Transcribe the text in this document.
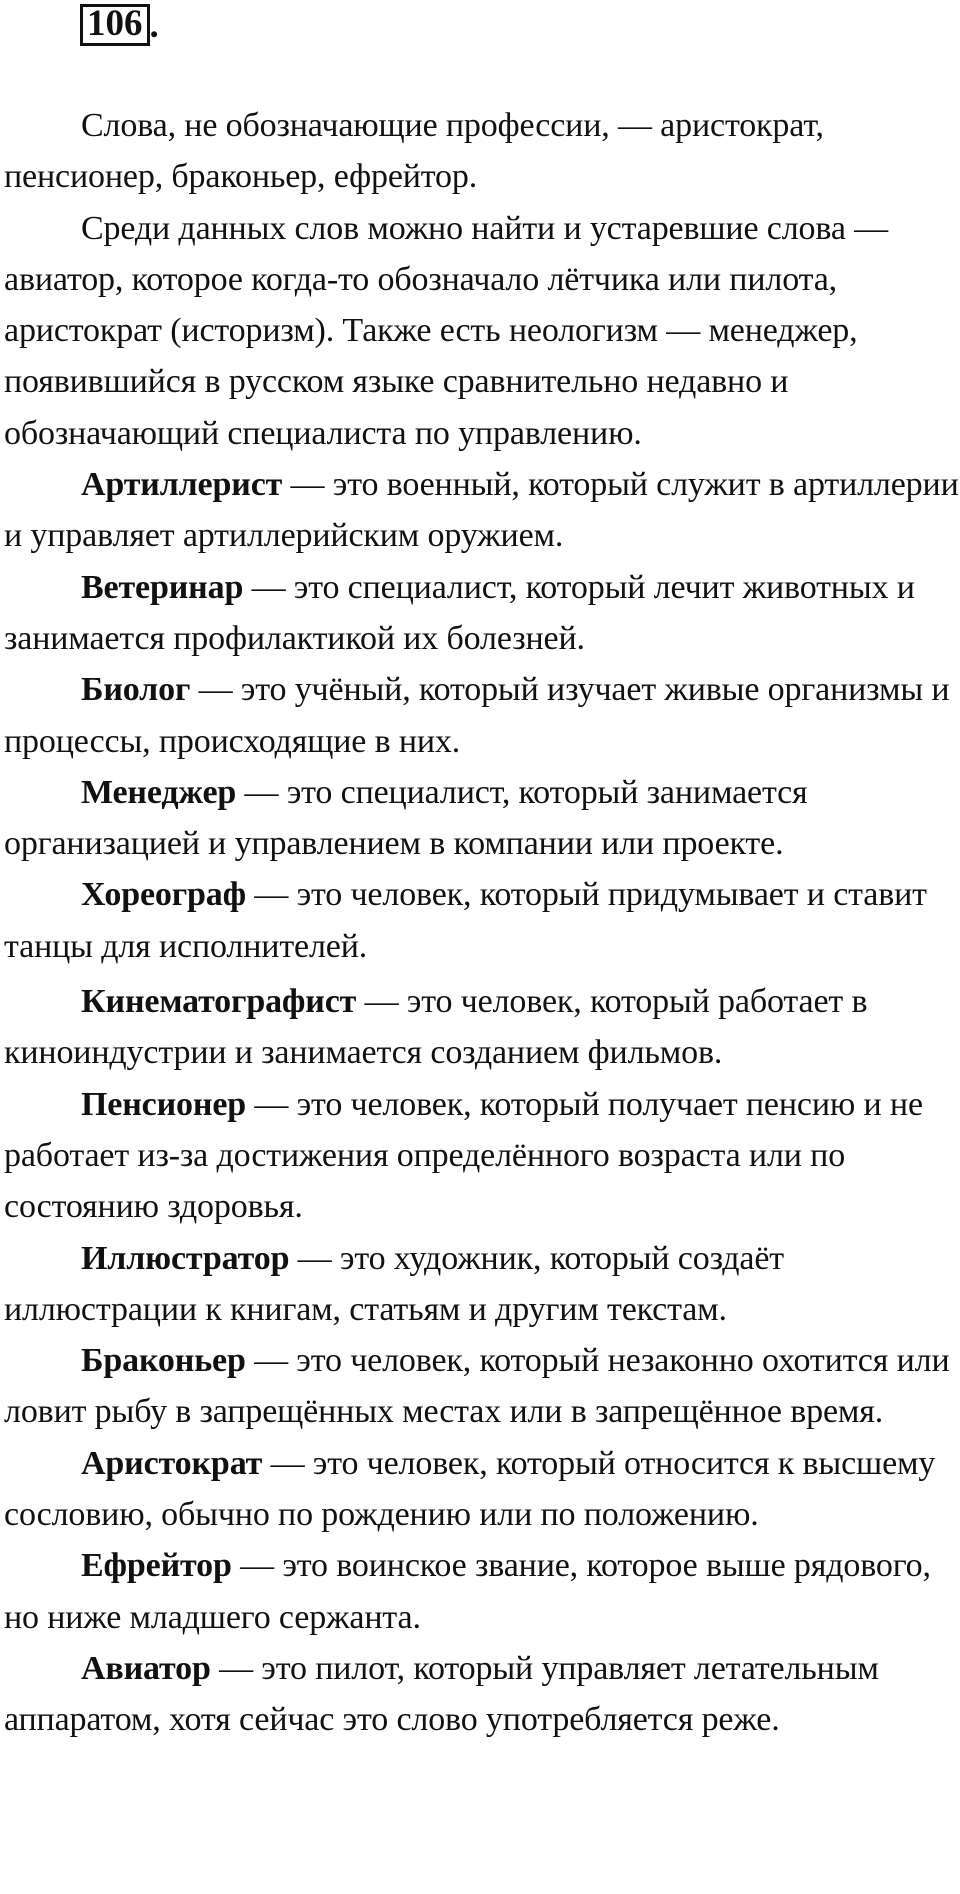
106 .

Слова, не обозначающие профессии, — аристократ, пенсионер, браконьер, ефрейтор.

Среди данных слов можно найти и устаревшие слова — авиатор, которое когда-то обозначало лётчика или пилота, аристократ (историзм). Также есть неологизм — менеджер, появившийся в русском языке сравнительно недавно и обозначающий специалиста по управлению.

Артиллерист — это военный, который служит в артиллерии и управляет артиллерийским оружием.

Ветеринар — это специалист, который лечит животных и занимается профилактикой их болезней.

Биолог — это учёный, который изучает живые организмы и процессы, происходящие в них.

Менеджер — это специалист, который занимается организацией и управлением в компании или проекте.

Хореограф — это человек, который придумывает и ставит танцы для исполнителей.

Кинематографист — это человек, который работает в киноиндустрии и занимается созданием фильмов.

Пенсионер — это человек, который получает пенсию и не работает из-за достижения определённого возраста или по состоянию здоровья.

Иллюстратор — это художник, который создаёт иллюстрации к книгам, статьям и другим текстам.

Браконьер — это человек, который незаконно охотится или ловит рыбу в запрещённых местах или в запрещённое время.

Аристократ — это человек, который относится к высшему сословию, обычно по рождению или по положению.

Ефрейтор — это воинское звание, которое выше рядового, но ниже младшего сержанта.

Авиатор — это пилот, который управляет летательным аппаратом, хотя сейчас это слово употребляется реже.
